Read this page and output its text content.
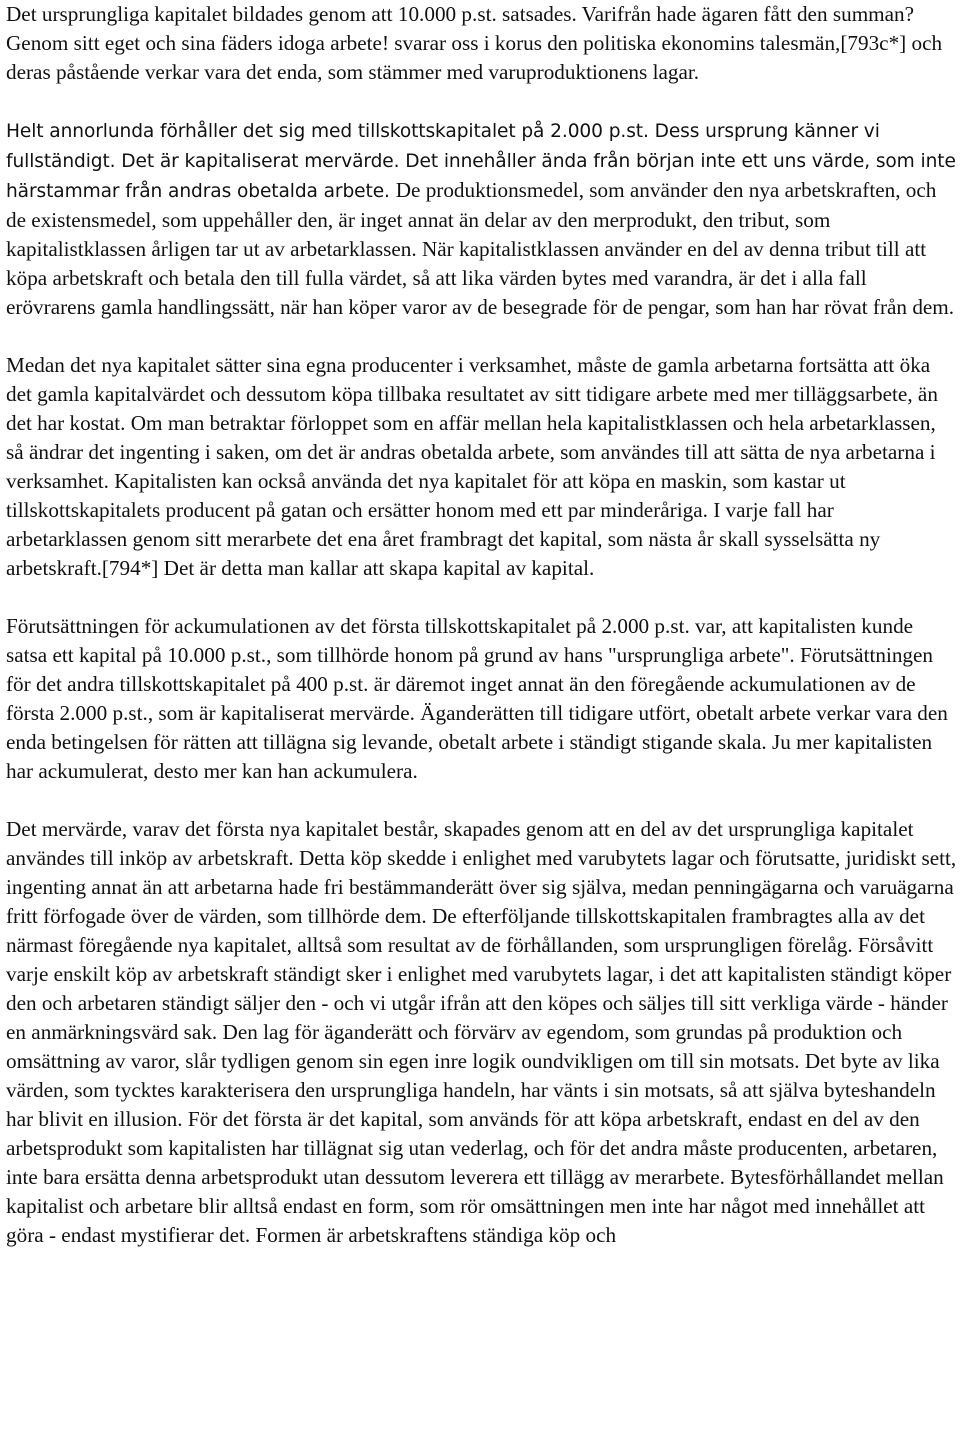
Det ursprungliga kapitalet bildades genom att 10.000 p.st. satsades. Varifrån hade ägaren fått den summan? Genom sitt eget och sina fäders idoga arbete! svarar oss i korus den politiska ekonomins talesmän,[793c*] och deras påstående verkar vara det enda, som stämmer med varuproduktionens lagar.

Helt annorlunda förhåller det sig med tillskottskapitalet på 2.000 p.st. Dess ursprung känner vi fullständigt. Det är kapitaliserat mervärde. Det innehåller ända från början inte ett uns värde, som inte härstammar från andras obetalda arbete. De produktionsmedel, som använder den nya arbetskraften, och de existensmedel, som uppehåller den, är inget annat än delar av den merprodukt, den tribut, som kapitalistklassen årligen tar ut av arbetarklassen. När kapitalistklassen använder en del av denna tribut till att köpa arbetskraft och betala den till fulla värdet, så att lika värden bytes med varandra, är det i alla fall erövrarens gamla handlingssätt, när han köper varor av de besegrade för de pengar, som han har rövat från dem.

Medan det nya kapitalet sätter sina egna producenter i verksamhet, måste de gamla arbetarna fortsätta att öka det gamla kapitalvärdet och dessutom köpa tillbaka resultatet av sitt tidigare arbete med mer tilläggsarbete, än det har kostat. Om man betraktar förloppet som en affär mellan hela kapitalistklassen och hela arbetarklassen, så ändrar det ingenting i saken, om det är andras obetalda arbete, som användes till att sätta de nya arbetarna i verksamhet. Kapitalisten kan också använda det nya kapitalet för att köpa en maskin, som kastar ut tillskottskapitalets producent på gatan och ersätter honom med ett par minderåriga. I varje fall har arbetarklassen genom sitt merarbete det ena året frambragt det kapital, som nästa år skall sysselsätta ny arbetskraft.[794*] Det är detta man kallar att skapa kapital av kapital.

Förutsättningen för ackumulationen av det första tillskottskapitalet på 2.000 p.st. var, att kapitalisten kunde satsa ett kapital på 10.000 p.st., som tillhörde honom på grund av hans "ursprungliga arbete". Förutsättningen för det andra tillskottskapitalet på 400 p.st. är däremot inget annat än den föregående ackumulationen av de första 2.000 p.st., som är kapitaliserat mervärde. Äganderätten till tidigare utfört, obetalt arbete verkar vara den enda betingelsen för rätten att tillägna sig levande, obetalt arbete i ständigt stigande skala. Ju mer kapitalisten har ackumulerat, desto mer kan han ackumulera.

Det mervärde, varav det första nya kapitalet består, skapades genom att en del av det ursprungliga kapitalet användes till inköp av arbetskraft. Detta köp skedde i enlighet med varubytets lagar och förutsatte, juridiskt sett, ingenting annat än att arbetarna hade fri bestämmanderätt över sig själva, medan penningägarna och varuägarna fritt förfogade över de värden, som tillhörde dem. De efterföljande tillskottskapitalen frambragtes alla av det närmast föregående nya kapitalet, alltså som resultat av de förhållanden, som ursprungligen förelåg. Försåvitt varje enskilt köp av arbetskraft ständigt sker i enlighet med varubytets lagar, i det att kapitalisten ständigt köper den och arbetaren ständigt säljer den - och vi utgår ifrån att den köpes och säljes till sitt verkliga värde - händer en anmärkningsvärd sak. Den lag för äganderätt och förvärv av egendom, som grundas på produktion och omsättning av varor, slår tydligen genom sin egen inre logik oundvikligen om till sin motsats. Det byte av lika värden, som tycktes karakterisera den ursprungliga handeln, har vänts i sin motsats, så att själva byteshandeln har blivit en illusion. För det första är det kapital, som används för att köpa arbetskraft, endast en del av den arbetsprodukt som kapitalisten har tillägnat sig utan vederlag, och för det andra måste producenten, arbetaren, inte bara ersätta denna arbetsprodukt utan dessutom leverera ett tillägg av merarbete. Bytesförhållandet mellan kapitalist och arbetare blir alltså endast en form, som rör omsättningen men inte har något med innehållet att göra - endast mystifierar det. Formen är arbetskraftens ständiga köp och
